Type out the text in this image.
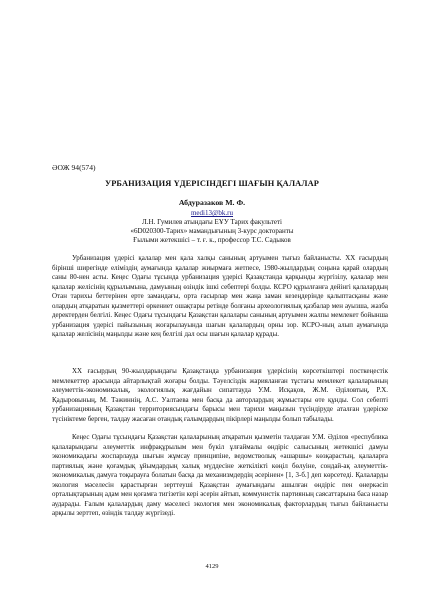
ӘОЖ 94(574)
УРБАНИЗАЦИЯ ҮДЕРІСІНДЕГІ ШАҒЫН ҚАЛАЛАР
Абдуразаков М. Ф.
medi13@bk.ru
Л.Н. Гумилев атындағы ЕҰУ Тарих факультеті
«6D020300-Тарих» мамандығының 3-курс докторанты
Ғылыми жетекшісі – т. ғ. к., профессор Т.С. Садыков

Урбанизация үдерісі қалалар мен қала халқы санының артуымен тығыз байланысты. ХХ ғасырдың бірінші ширегінде еліміздің аумағында қалалар жиырмаға жетпесе, 1980-жылдардың соңына қарай олардың саны 80-нен асты. Кеңес Одағы тұсында урбанизация үдерісі Қазақстанда қарқынды жүргізілу, қалалар мен қалалар желісінің құрылымына, дамуының өзіндік ішкі себептері болды. КСРО құрылғанға дейінгі қалалардың Отан тарихы беттерінен ерте замандағы, орта ғасырлар мен жаңа заман кезеңдерінде қалыптасқаны және олардың атқаратын қызметтері өркениет ошақтары ретінде болғаны археологиялық қазбалар мен ауызша, жазба деректерден белгілі. Кеңес Одағы тұсындағы Қазақстан қалалары санының артуымен жалпы мемлекет бойынша урбанизация үдерісі пайызының жоғарылауында шағын қалалардың орны зор. КСРО-ның алып аумағында қалалар желісінің маңызды және кең белгілі дал осы шағын қалалар құрады.

ХХ ғасырдың 90-жылдарындағы Қазақстанда урбанизация үдерісінің көрсеткіштері посткеңестік мемлекеттер арасында айтарлықтай жоғары болды. Тәуелсіздік жарияланған тұстағы мемлекет қалаларының әлеуметтік-экономикалық, экологиялық жағдайын сипаттауда У.М. Исқақов, Ж.М. Әділовтың, Р.Х. Қадыровының, М. Тәжиннің, А.С. Уалтаева мен басқа да авторлардың жұмыстары өте құнды. Сол себепті урбанизацияның Қазақстан территориясындағы барысы мен тарихи маңызын түсіндіруде аталған үдеріске түсініктеме берген, талдау жасаған отандық ғалымдардың пікірлері маңызды болып табылады.

Кеңес Одағы тұсындағы Қазақстан қалаларының атқаратын қызметін талдаған У.М. Әділов «республика қалаларындағы әлеуметтік инфрақұрылым мен бүкіл ұлғаймалы өндіріс салысының жетекшісі дамуы экономикадағы жоспарлауда шығын жұмсау принципіне, ведомстволық «ашаршы» көзқарастың, қалаларға партиялық және қоғамдық ұйымдардың халық мүддесіне жеткілікті көңіл бөлуіне, сондай-ақ әлеуметтік-экономикалық дамуға тоқырауға болатын басқа да механизмдердің әсерінен» [1, 3-б.] деп көрсетеді. Қалаларды экология мәселесін қарастырған зерттеуші Қазақстан аумағындағы ашылған өндіріс пен өнеркәсіп орталықтарының адам мен қоғамға тигізетін кері әсерін айтып, коммунистік партияның саясаттарына баса назар аударады. Ғалым қалалардың даму мәселесі экология мен экономикалық факторлардың тығыз байланысты арқылы зерттеп, өзіндік талдау жүргізеді.

4129
